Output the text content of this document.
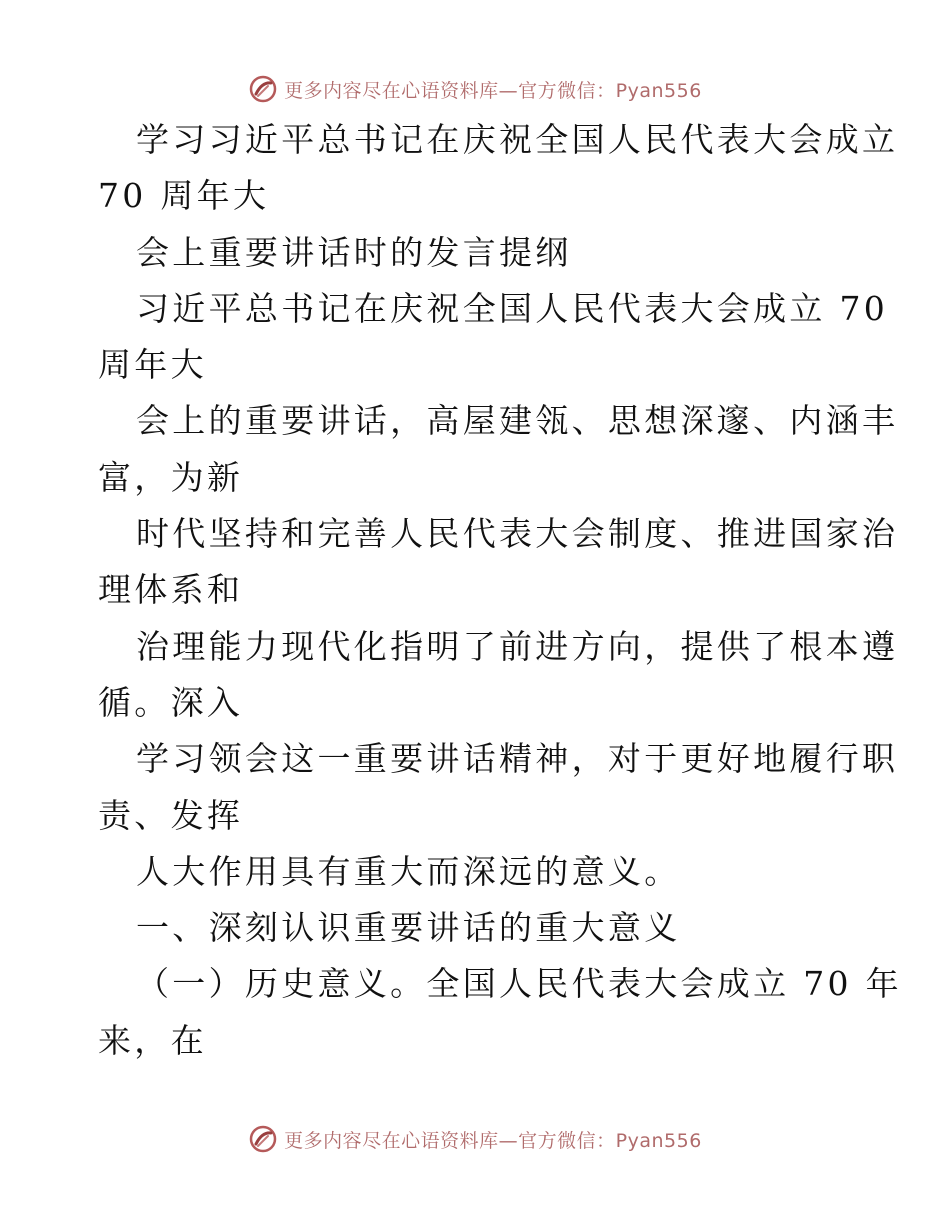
更多内容尽在心语资料库—官方微信：Pyan556
学习习近平总书记在庆祝全国人民代表大会成立
70 周年大
会上重要讲话时的发言提纲
习近平总书记在庆祝全国人民代表大会成立 70
周年大
会上的重要讲话，高屋建瓴、思想深邃、内涵丰
富，为新
时代坚持和完善人民代表大会制度、推进国家治
理体系和
治理能力现代化指明了前进方向，提供了根本遵
循。深入
学习领会这一重要讲话精神，对于更好地履行职
责、发挥
人大作用具有重大而深远的意义。
一、深刻认识重要讲话的重大意义
（一）历史意义。全国人民代表大会成立 70 年
来，在
更多内容尽在心语资料库—官方微信：Pyan556
